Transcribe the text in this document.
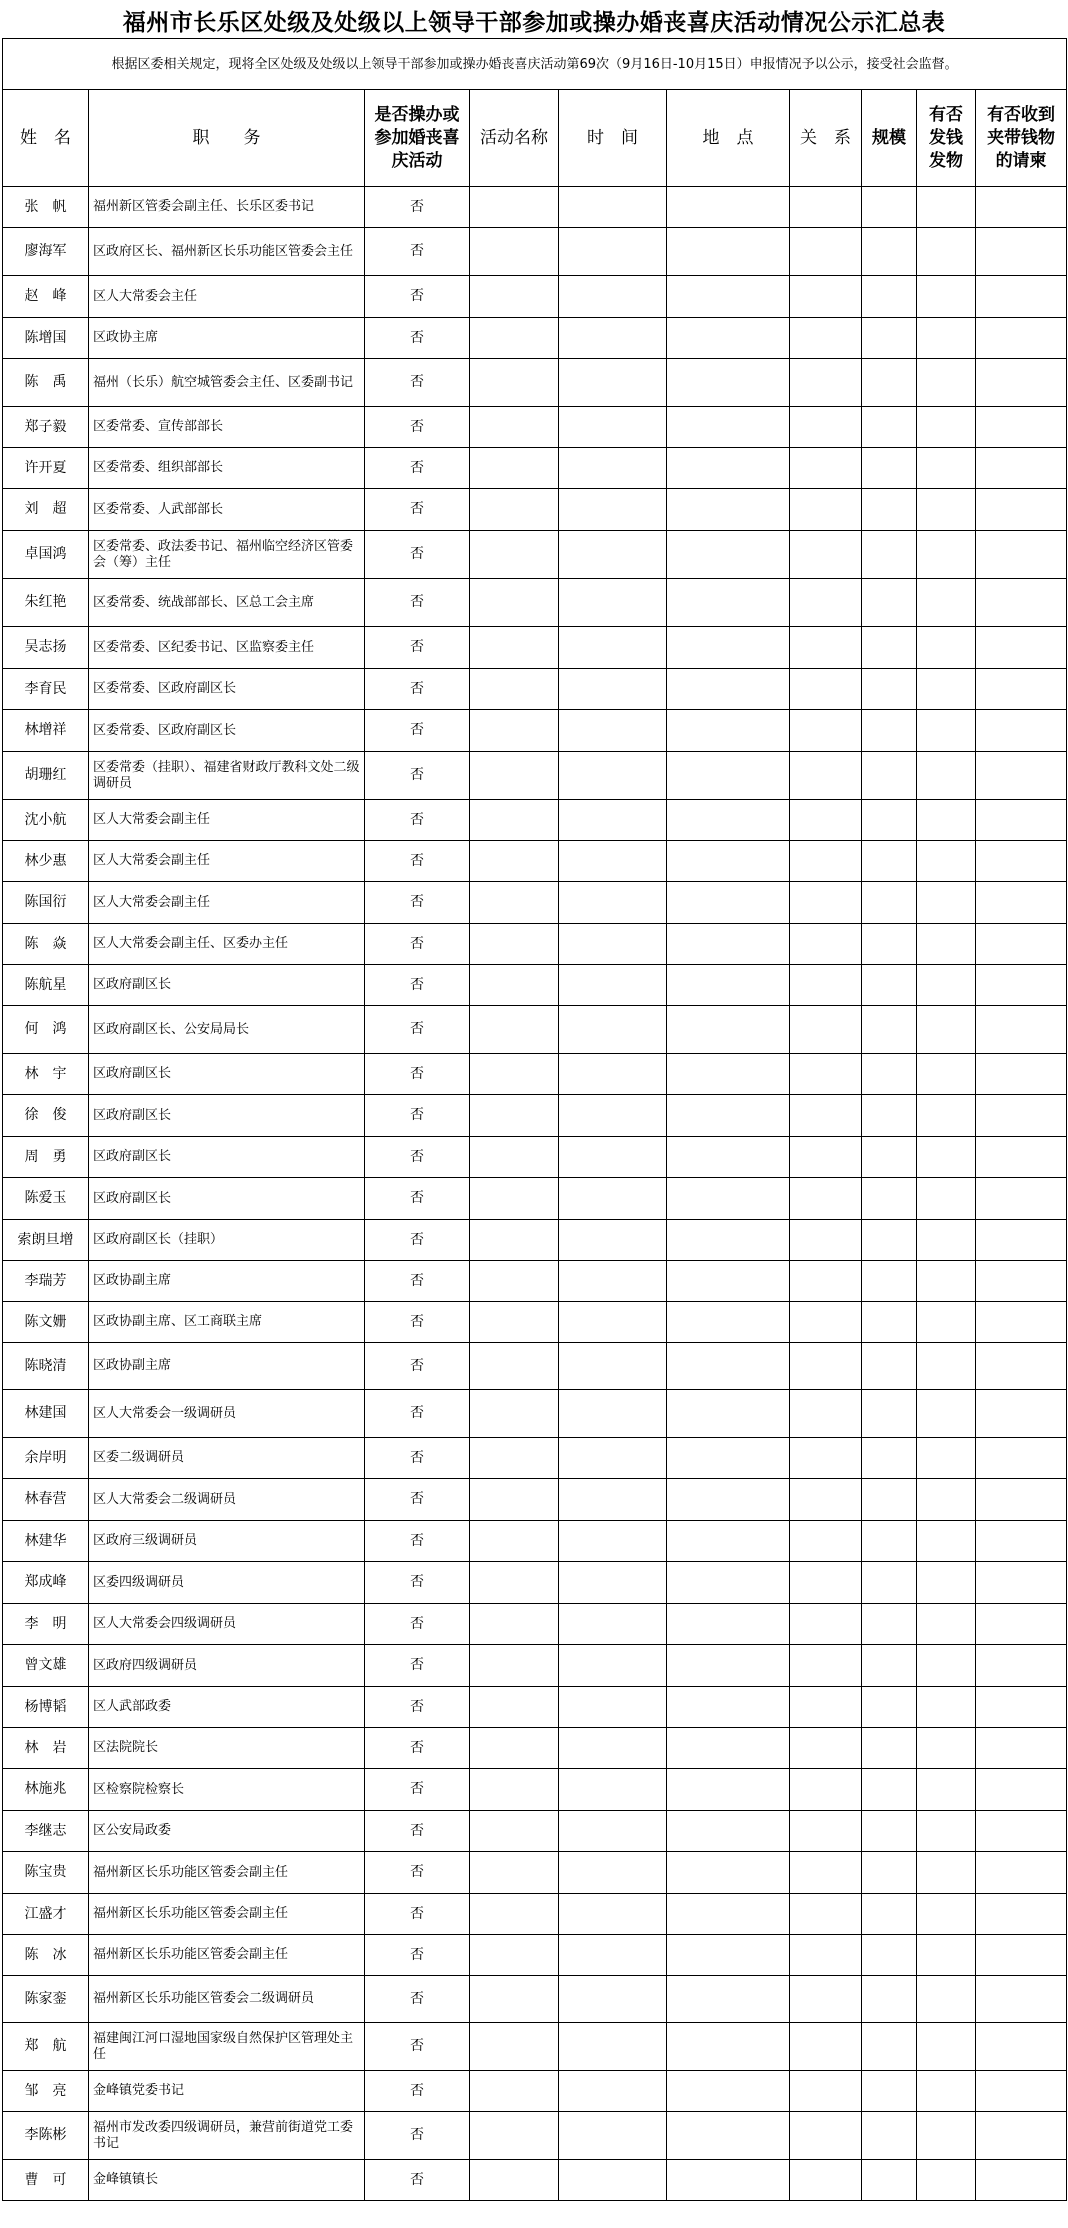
福州市长乐区处级及处级以上领导干部参加或操办婚丧喜庆活动情况公示汇总表
根据区委相关规定，现将全区处级及处级以上领导干部参加或操办婚丧喜庆活动第69次（9月16日-10月15日）申报情况予以公示，接受社会监督。									
姓　名	职　　务	是否操办或参加婚丧喜庆活动	活动名称	时　间	地　点	关　系	规模	有否发钱发物	有否收到夹带钱物的请柬
张　帆	福州新区管委会副主任、长乐区委书记	否							
廖海军	区政府区长、福州新区长乐功能区管委会主任	否							
赵　峰	区人大常委会主任	否							
陈增国	区政协主席	否							
陈　禹	福州（长乐）航空城管委会主任、区委副书记	否							
郑子毅	区委常委、宣传部部长	否							
许开夏	区委常委、组织部部长	否							
刘　超	区委常委、人武部部长	否							
卓国鸿	区委常委、政法委书记、福州临空经济区管委会（筹）主任	否							
朱红艳	区委常委、统战部部长、区总工会主席	否							
吴志扬	区委常委、区纪委书记、区监察委主任	否							
李育民	区委常委、区政府副区长	否							
林增祥	区委常委、区政府副区长	否							
胡珊红	区委常委（挂职）、福建省财政厅教科文处二级调研员	否							
沈小航	区人大常委会副主任	否							
林少惠	区人大常委会副主任	否							
陈国衍	区人大常委会副主任	否							
陈　焱	区人大常委会副主任、区委办主任	否							
陈航星	区政府副区长	否							
何　鸿	区政府副区长、公安局局长	否							
林　宇	区政府副区长	否							
徐　俊	区政府副区长	否							
周　勇	区政府副区长	否							
陈爱玉	区政府副区长	否							
索朗旦增	区政府副区长（挂职）	否							
李瑞芳	区政协副主席	否							
陈文姗	区政协副主席、区工商联主席	否							
陈晓清	区政协副主席	否							
林建国	区人大常委会一级调研员	否							
余岸明	区委二级调研员	否							
林春营	区人大常委会二级调研员	否							
林建华	区政府三级调研员	否							
郑成峰	区委四级调研员	否							
李　明	区人大常委会四级调研员	否							
曾文雄	区政府四级调研员	否							
杨博韬	区人武部政委	否							
林　岩	区法院院长	否							
林施兆	区检察院检察长	否							
李继志	区公安局政委	否							
陈宝贵	福州新区长乐功能区管委会副主任	否							
江盛才	福州新区长乐功能区管委会副主任	否							
陈　冰	福州新区长乐功能区管委会副主任	否							
陈家銮	福州新区长乐功能区管委会二级调研员	否							
郑　航	福建闽江河口湿地国家级自然保护区管理处主任	否							
邹　亮	金峰镇党委书记	否							
李陈彬	福州市发改委四级调研员，兼营前街道党工委书记	否							
曹　可	金峰镇镇长	否							
